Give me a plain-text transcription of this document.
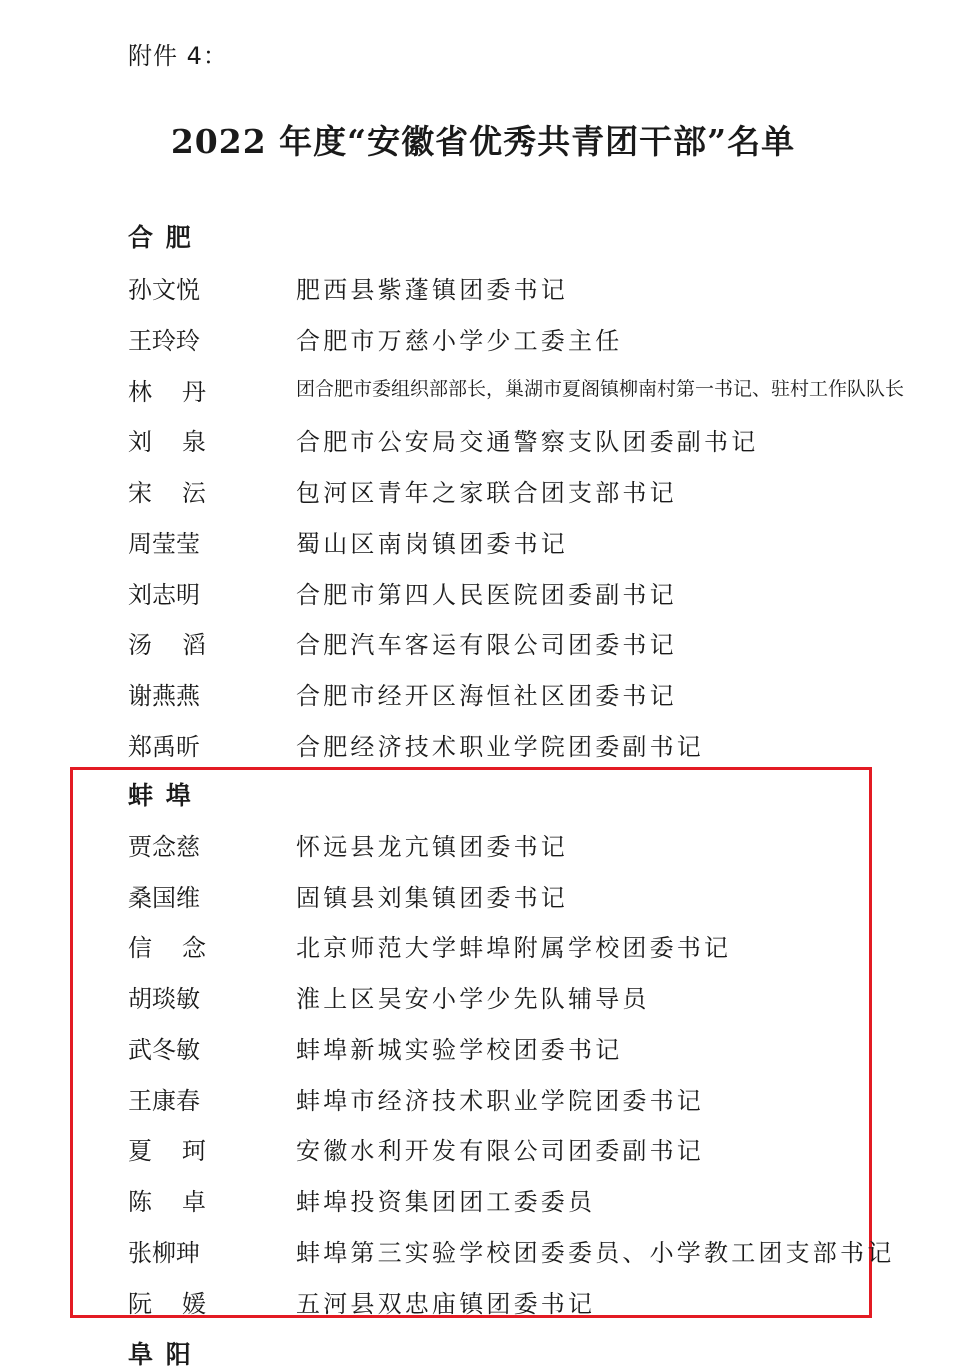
附件 4：
2022 年度“安徽省优秀共青团干部”名单
合 肥
孙文悦	肥西县紫蓬镇团委书记
王玲玲	合肥市万慈小学少工委主任
林 丹	团合肥市委组织部部长，巢湖市夏阁镇柳南村第一书记、驻村工作队队长
刘 泉	合肥市公安局交通警察支队团委副书记
宋 沄	包河区青年之家联合团支部书记
周莹莹	蜀山区南岗镇团委书记
刘志明	合肥市第四人民医院团委副书记
汤 滔	合肥汽车客运有限公司团委书记
谢燕燕	合肥市经开区海恒社区团委书记
郑禹昕	合肥经济技术职业学院团委副书记
蚌 埠
贾念慈	怀远县龙亢镇团委书记
桑国维	固镇县刘集镇团委书记
信 念	北京师范大学蚌埠附属学校团委书记
胡琰敏	淮上区吴安小学少先队辅导员
武冬敏	蚌埠新城实验学校团委书记
王康春	蚌埠市经济技术职业学院团委书记
夏 珂	安徽水利开发有限公司团委副书记
陈 卓	蚌埠投资集团团工委委员
张柳珅	蚌埠第三实验学校团委委员、小学教工团支部书记
阮 媛	五河县双忠庙镇团委书记
阜 阳
